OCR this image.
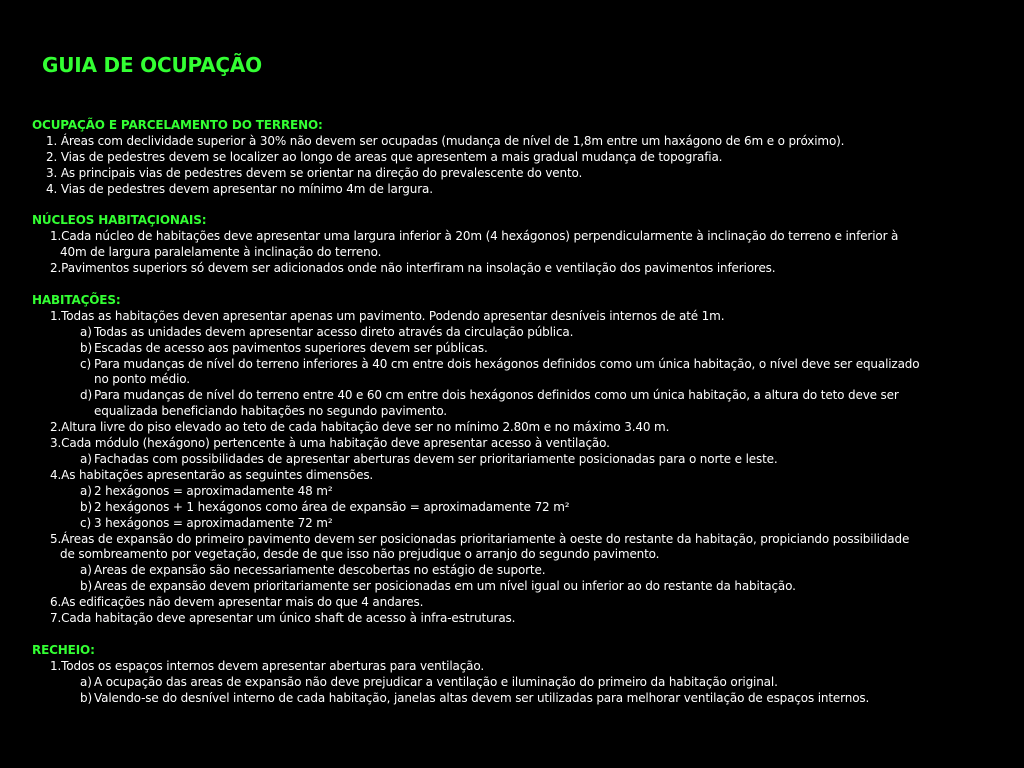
GUIA DE OCUPAÇÃO
OCUPAÇÃO E PARCELAMENTO DO TERRENO:
1. Áreas com declividade superior à 30% não devem ser ocupadas (mudança de nível de 1,8m entre um haxágono de 6m e o próximo).
2. Vias de pedestres devem se localizer ao longo de areas que apresentem a mais gradual mudança de topografia.
3. As principais vias de pedestres devem se orientar na direção do prevalescente do vento.
4. Vias de pedestres devem apresentar no mínimo 4m de largura.
NÚCLEOS HABITAÇIONAIS:
1.Cada núcleo de habitações deve apresentar uma largura inferior à 20m (4 hexágonos) perpendicularmente à inclinação do terreno e inferior à
40m de largura paralelamente à inclinação do terreno.
2.Pavimentos superiors só devem ser adicionados onde não interfiram na insolação e ventilação dos pavimentos inferiores.
HABITAÇÕES:
1.Todas as habitações deven apresentar apenas um pavimento. Podendo apresentar desníveis internos de até 1m.
a) Todas as unidades devem apresentar acesso direto através da circulação pública.
b) Escadas de acesso aos pavimentos superiores devem ser públicas.
c) Para mudanças de nível do terreno inferiores à 40 cm entre dois hexágonos definidos como um única habitação, o nível deve ser equalizado
no ponto médio.
d) Para mudanças de nível do terreno entre 40 e 60 cm entre dois hexágonos definidos como um única habitação, a altura do teto deve ser
equalizada beneficiando habitações no segundo pavimento.
2.Altura livre do piso elevado ao teto de cada habitação deve ser no mínimo 2.80m e no máximo 3.40 m.
3.Cada módulo (hexágono) pertencente à uma habitação deve apresentar acesso à ventilação.
a) Fachadas com possibilidades de apresentar aberturas devem ser prioritariamente posicionadas para o norte e leste.
4.As habitações apresentarão as seguintes dimensões.
a) 2 hexágonos = aproximadamente 48 m²
b) 2 hexágonos + 1 hexágonos como área de expansão = aproximadamente 72 m²
c) 3 hexágonos = aproximadamente 72 m²
5.Áreas de expansão do primeiro pavimento devem ser posicionadas prioritariamente à oeste do restante da habitação, propiciando possibilidade
de sombreamento por vegetação, desde de que isso não prejudique o arranjo do segundo pavimento.
a) Areas de expansão são necessariamente descobertas no estágio de suporte.
b) Areas de expansão devem prioritariamente ser posicionadas em um nível igual ou inferior ao do restante da habitação.
6.As edificações não devem apresentar mais do que 4 andares.
7.Cada habitação deve apresentar um único shaft de acesso à infra-estruturas.
RECHEIO:
1.Todos os espaços internos devem apresentar aberturas para ventilação.
a) A ocupação das areas de expansão não deve prejudicar a ventilação e iluminação do primeiro da habitação original.
b) Valendo-se do desnível interno de cada habitação, janelas altas devem ser utilizadas para melhorar ventilação de espaços internos.
